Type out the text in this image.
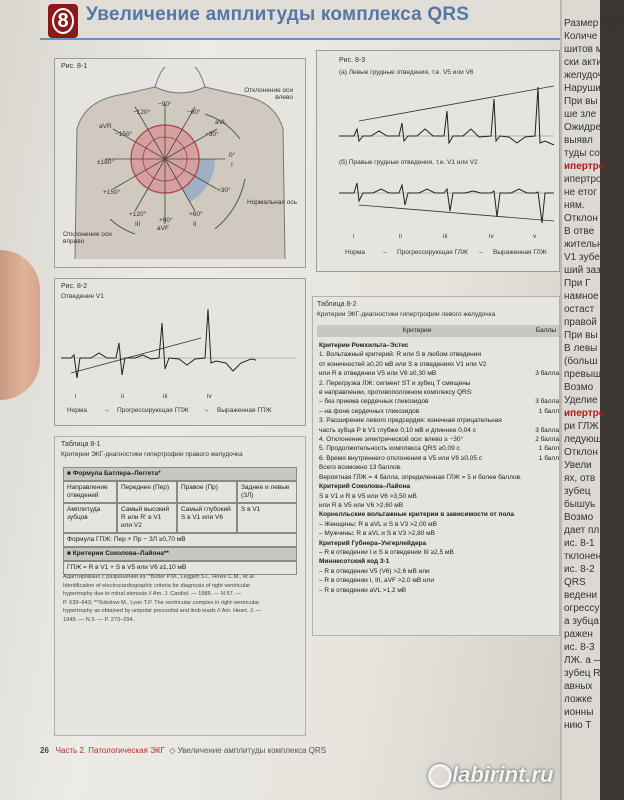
8 Увеличение амплитуды комплекса QRS
Рис. 8-1
aVR
aVL
−90°
−120°	−60°
−150°	−30°
±180°
0°
I
+150°	+30°
+120°
+90°
+60°
III
aVF
II
Отклонение оси влево
Нормальная ось
Отклонение оси вправо
Рис. 8-3
(a) Левые грудные отведения, т.е. V5 или V6
(б) Правые грудные отведения, т.е. V1 или V2
i	ii	iii	iv	v
Норма → Прогрессирующая ГЛЖ → Выраженная ГЛЖ
Рис. 8-2
Отведение V1
i	ii	iii	iv
Норма → Прогрессирующая ГПЖ → Выраженная ГПЖ
Таблица 8-1
Критерии ЭКГ-диагностики гипертрофии правого желудочка
■ Формула Батлера–Леггета*
Направление отведений
Переднее (Пер)	Правое (Пр)	Заднее и левые (ЗЛ)
Амплитуда зубцов
Самый высокий R или R' в V1 или V2
Самый глубокий S в V1 или V6
S в V1
Формула ГПЖ: Пер + Пр − ЗЛ ≥0,70 мВ
■ Критерии Соколова–Лайона**
ГПЖ = R в V1 + S в V5 или V6 ≥1,10 мВ
Адаптировано с разрешения из: *Butler P.M., Leggett S.I., Howe C.M., et al.
Identification of electrocardiographic criteria for diagnosis of right ventricular
hypertrophy due to mitral stenosis // Am. J. Cardiol. — 1986. — N 57. —
P. 639–643; **Sokolow M., Lyon T.P. The ventricular complex in right ventricular
hypertrophy as obtained by unipolar precordial and limb leads // Am. Heart. J. —
1949. — N 3. — P. 273–294.
Таблица 8-2
Критерии ЭКГ-диагностики гипертрофии левого желудочка
Критерии	Баллы
Критерии Ромхильта–Эстес
1. Вольтажный критерий: R или S в любом отведении
от конечностей ≥0,20 мВ или S в отведениях V1 или V2
или R в отведении V5 или V6 ≥0,30 мВ	3 балла
2. Перегрузка ЛЖ: сегмент ST и зубец T смещены
в направлении, противоположном комплексу QRS:
– без приема сердечных гликозидов	3 балла
– на фоне сердечных гликозидов	1 балл
3. Расширение левого предсердия: конечная отрицательная
часть зубца P в V1 глубже 0,10 мВ и длиннее 0,04 с	3 балла
4. Отклонение электрической оси: влево ≥ −30°	2 балла
5. Продолжительность комплекса QRS ≥0,09 с	1 балл
6. Время внутреннего отклонения в V5 или V6 ≥0,05 с	1 балл
Всего возможно 13 баллов.
Вероятная ГЛЖ = 4 балла, определенная ГЛЖ = 5 и более баллов.
Критерий Соколова–Лайона
S в V1 и R в V5 или V6 >3,50 мВ
или R в V5 или V6 >2,60 мВ
Корнелльские вольтажные критерии в зависимости от пола
– Женщины: R в aVL и S в V3 >2,00 мВ
– Мужчины: R в aVL и S в V3 >2,80 мВ
Критерий Губнера–Унгерлейдера
– R в отведении I и S в отведении III ≥2,5 мВ
Миннесотский код 3-1
– R в отведении V5 (V6) >2,6 мВ или
– R в отведении I, III, aVF >2,0 мВ или
– R в отведении aVL >1,2 мВ
Размер комп
Количе
шитов м
ски акти
желудоч
Наруши
При вы
ше зле
Ожидре
выявл
туды со
ипертро
ипертро
не етог
ням.
Отклон
В отве
жительн
V1 зубе
ший заз
При Г
намное
остаст
правой
При вы
В левы
(больш
превыш
Возмо
Уделие
ипертро
ри ГЛЖ
ледующ
Отклон
Увели
ях, отв
зубец
бышуь
Возмо
дает пл
ис. 8-1
тклонен
ис. 8-2
QRS
ведени
огрессу
а зубца
ражен
ис. 8-3
ЛЖ. а —
зубец R
авных
ложке
ионны
нию Т
26 Часть 2. Патологическая ЭКГ  ◇ Увеличение амплитуды комплекса QRS
labirint.ru
